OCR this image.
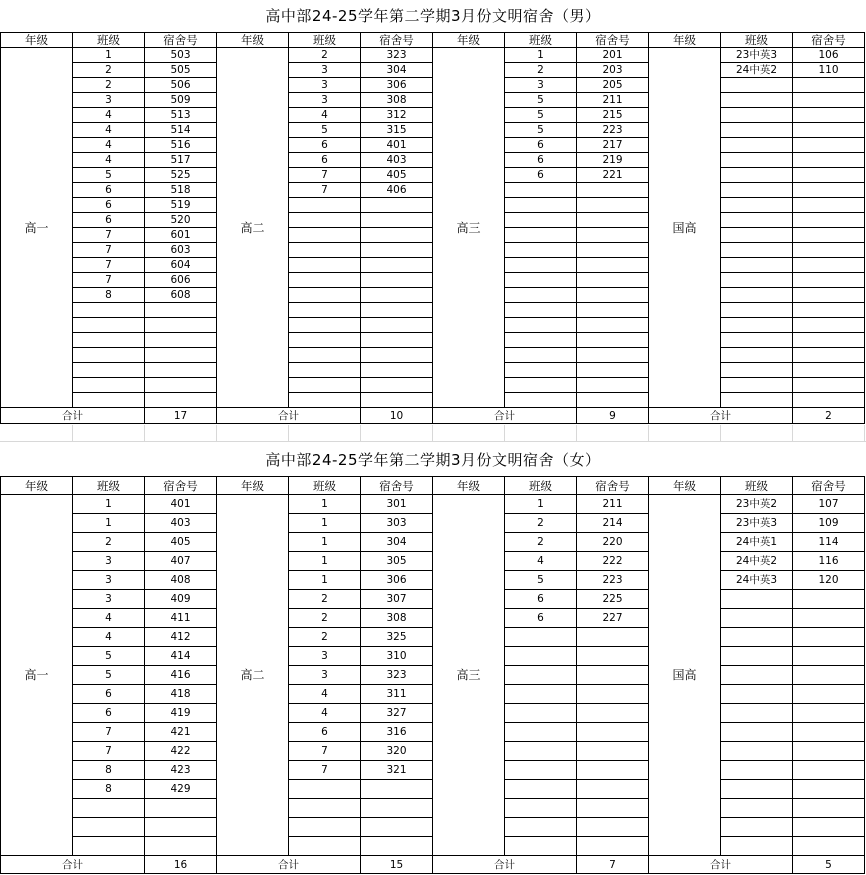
高中部24-25学年第二学期3月份文明宿舍（男）
年级	班级	宿舍号	年级	班级	宿舍号	年级	班级	宿舍号	年级	班级	宿舍号
高一	1	503	高二	2	323	高三	1	201	国高	23中英3	106
	2	505		3	304		2	203		24中英2	110
	2	506		3	306		3	205			
	3	509		3	308		5	211			
	4	513		4	312		5	215			
	4	514		5	315		5	223			
	4	516		6	401		6	217			
	4	517		6	403		6	219			
	5	525		7	405		6	221			
	6	518		7	406						
	6	519									
	6	520									
	7	601									
	7	603									
	7	604									
	7	606									
	8	608									

合计		17	合计		10	合计		9	合计		2
高中部24-25学年第二学期3月份文明宿舍（女）
年级	班级	宿舍号	年级	班级	宿舍号	年级	班级	宿舍号	年级	班级	宿舍号
高一	1	401	高二	1	301	高三	1	211	国高	23中英2	107
	1	403		1	303		2	214		23中英3	109
	2	405		1	304		2	220		24中英1	114
	3	407		1	305		4	222		24中英2	116
	3	408		1	306		5	223		24中英3	120
	3	409		2	307		6	225			
	4	411		2	308		6	227			
	4	412		2	325						
	5	414		3	310						
	5	416		3	323						
	6	418		4	311						
	6	419		4	327						
	7	421		6	316						
	7	422		7	320						
	8	423		7	321						
	8	429									

合计		16	合计		15	合计		7	合计		5
